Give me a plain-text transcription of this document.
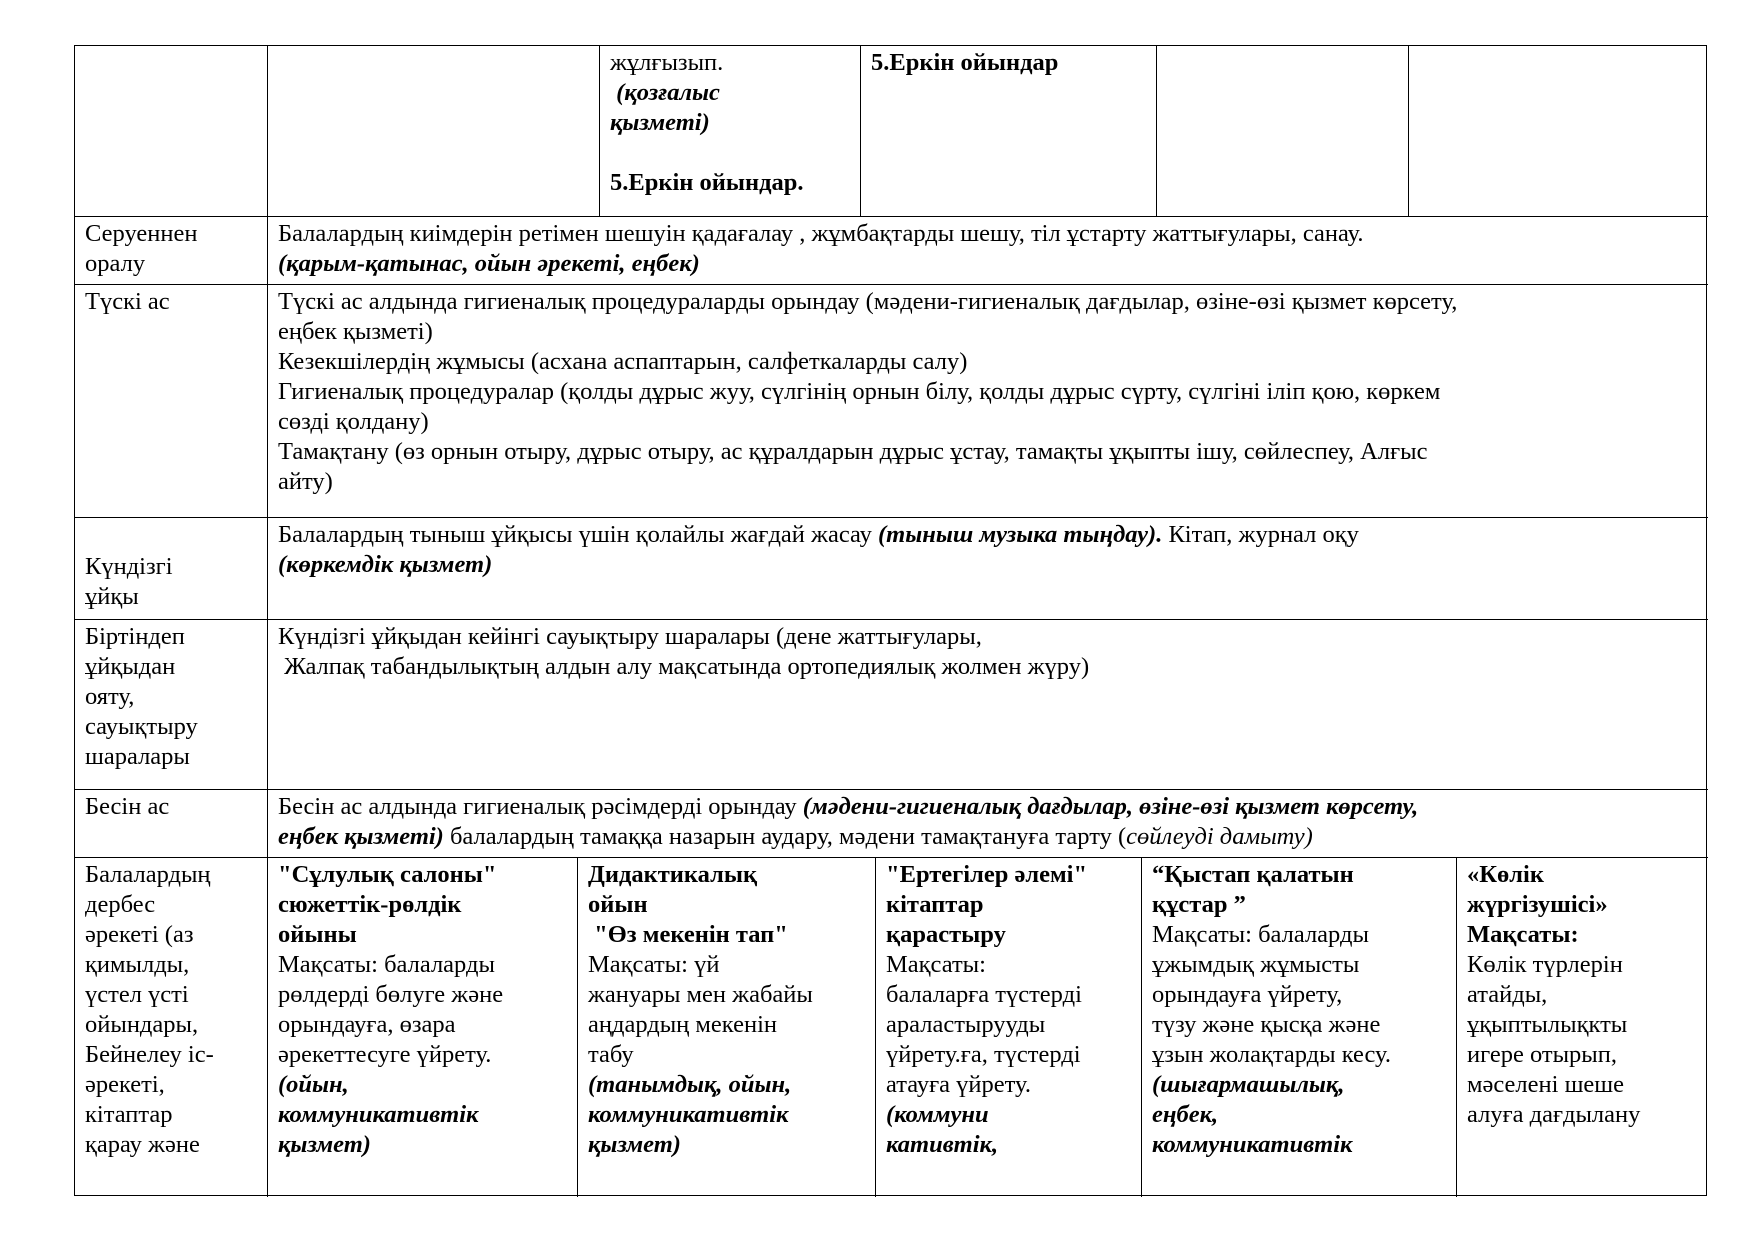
жұлғызып.
(қозғалыс
қызметі)
5.Еркін ойындар.
5.Еркін ойындар
Серуеннен
оралу
Балалардың киімдерін ретімен шешуін қадағалау , жұмбақтарды шешу, тіл ұстарту жаттығулары, санау.
(қарым-қатынас, ойын әрекеті, еңбек)
Түскі ас	Түскі ас алдында гигиеналық процедураларды орындау (мәдени-гигиеналық дағдылар, өзіне-өзі қызмет көрсету,
еңбек қызметі)
Кезекшілердің жұмысы (асхана аспаптарын, салфеткаларды салу)
Гигиеналық процедуралар (қолды дұрыс жуу, сүлгінің орнын білу, қолды дұрыс сүрту, сүлгіні іліп қою, көркем
сөзді қолдану)
Тамақтану (өз орнын отыру, дұрыс отыру, ас құралдарын дұрыс ұстау, тамақты ұқыпты ішу, сөйлеспеу, Алғыс
айту)
Күндізгі
ұйқы
Балалардың тыныш ұйқысы үшін қолайлы жағдай жасау (тыныш музыка тыңдау). Кітап, журнал оқу
(көркемдік қызмет)
Біртіндеп
ұйқыдан
ояту,
сауықтыру
шаралары
Күндізгі ұйқыдан кейінгі сауықтыру шаралары (дене жаттығулары,
Жалпақ табандылықтың алдын алу мақсатында ортопедиялық жолмен жүру)
Бесін ас	Бесін ас алдында гигиеналық рәсімдерді орындау (мәдени-гигиеналық дағдылар, өзіне-өзі қызмет көрсету,
еңбек қызметі) балалардың тамаққа назарын аудару, мәдени тамақтануға тарту (сөйлеуді дамыту)
Балалардың
дербес
әрекеті (аз
қимылды,
үстел үсті
ойындары,
Бейнелеу іс-
әрекеті,
кітаптар
қарау және
"Сұлулық салоны"
сюжеттік-рөлдік
ойыны
Мақсаты: балаларды
рөлдерді бөлуге және
орындауға, өзара
әрекеттесуге үйрету.
(ойын,
коммуникативтік
қызмет)
Дидактикалық
ойын
"Өз мекенін тап"
Мақсаты: үй
жануары мен жабайы
аңдардың мекенін
табу
(танымдық, ойын,
коммуникативтік
қызмет)
"Ертегілер әлемі"
кітаптар
қарастыру
Мақсаты:
балаларға түстерді
араластырууды
үйрету.ға, түстерді
атауға үйрету.
(коммуни
кативтік,
“Қыстап қалатын
құстар ”
Мақсаты: балаларды
ұжымдық жұмысты
орындауға үйрету,
түзу және қысқа және
ұзын жолақтарды кесу.
(шығармашылық,
еңбек,
коммуникативтік
«Көлік
жүргізушісі»
Мақсаты:
Көлік түрлерін
атайды,
ұқыптылықкты
игере отырып,
мәселені шеше
алуға дағдылану
